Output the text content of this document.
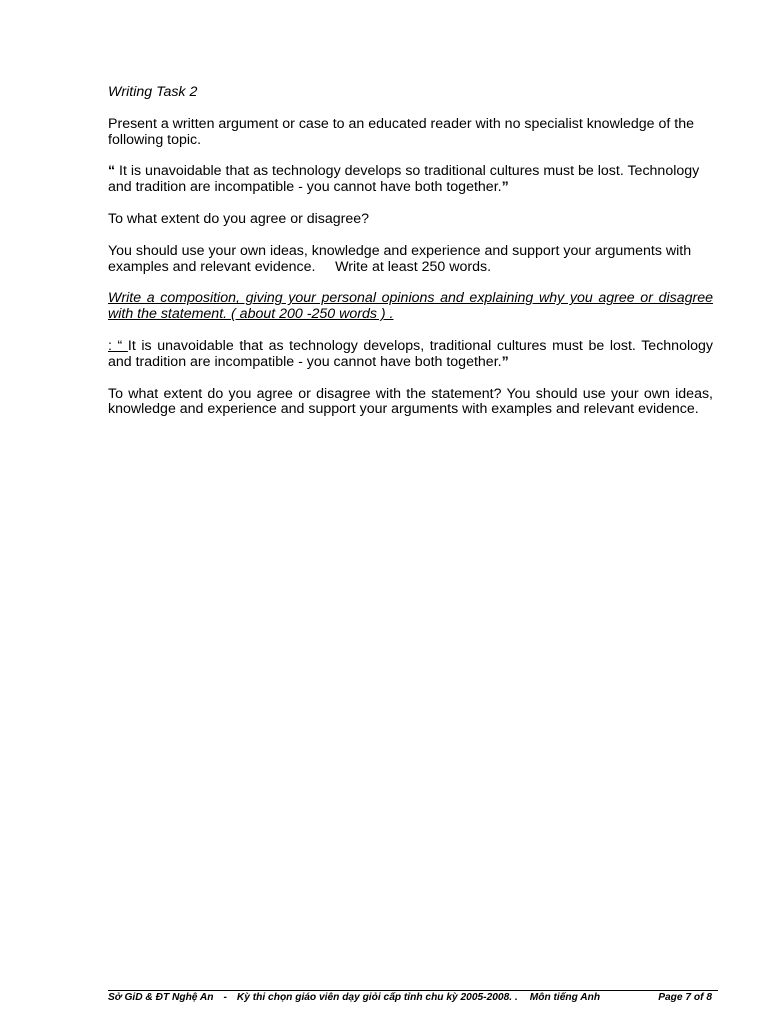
Writing Task 2

Present a written argument or case to an educated reader with no specialist knowledge of the following topic.

“ It is unavoidable that as technology develops so traditional cultures must be lost. Technology and tradition are incompatible - you cannot have both together.”

To what extent do you agree or disagree?

You should use your own ideas, knowledge and experience and support your arguments with examples and relevant evidence. Write at least 250 words.

Write a composition, giving your personal opinions and explaining why you agree or disagree with the statement. ( about 200 -250 words ) .

: “ It is unavoidable that as technology develops, traditional cultures must be lost. Technology and tradition are incompatible - you cannot have both together.”

To what extent do you agree or disagree with the statement? You should use your own ideas, knowledge and experience and support your arguments with examples and relevant evidence.

Sở GiD & ĐT Nghệ An - Kỳ thi chọn giáo viên dạy giỏi cấp tỉnh chu kỳ 2005-2008. .	Môn tiếng Anh	Page 7 of 8
